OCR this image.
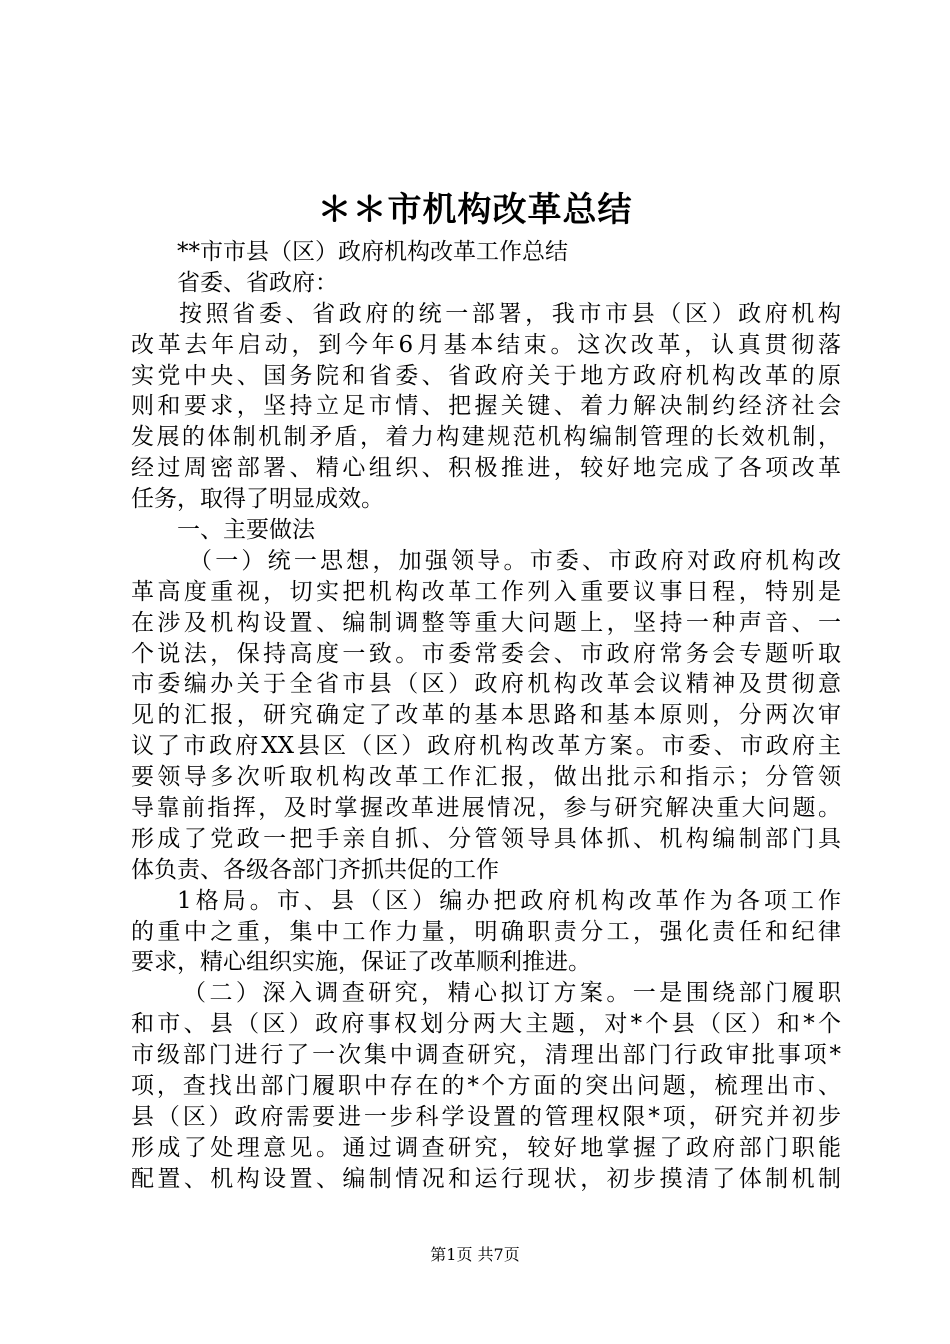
＊＊市机构改革总结
**市市县（区）政府机构改革工作总结
省委、省政府：
按照省委、省政府的统一部署，我市市县（区）政府机构
改革去年启动，到今年6月基本结束。这次改革，认真贯彻落
实党中央、国务院和省委、省政府关于地方政府机构改革的原
则和要求，坚持立足市情、把握关键、着力解决制约经济社会
发展的体制机制矛盾，着力构建规范机构编制管理的长效机制，
经过周密部署、精心组织、积极推进，较好地完成了各项改革
任务，取得了明显成效。
一、主要做法
（一）统一思想，加强领导。市委、市政府对政府机构改
革高度重视，切实把机构改革工作列入重要议事日程，特别是
在涉及机构设置、编制调整等重大问题上，坚持一种声音、一
个说法，保持高度一致。市委常委会、市政府常务会专题听取
市委编办关于全省市县（区）政府机构改革会议精神及贯彻意
见的汇报，研究确定了改革的基本思路和基本原则，分两次审
议了市政府XX县区（区）政府机构改革方案。市委、市政府主
要领导多次听取机构改革工作汇报，做出批示和指示；分管领
导靠前指挥，及时掌握改革进展情况，参与研究解决重大问题。
形成了党政一把手亲自抓、分管领导具体抓、机构编制部门具
体负责、各级各部门齐抓共促的工作
1格局。市、县（区）编办把政府机构改革作为各项工作
的重中之重，集中工作力量，明确职责分工，强化责任和纪律
要求，精心组织实施，保证了改革顺利推进。
（二）深入调查研究，精心拟订方案。一是围绕部门履职
和市、县（区）政府事权划分两大主题，对*个县（区）和*个
市级部门进行了一次集中调查研究，清理出部门行政审批事项*
项，查找出部门履职中存在的*个方面的突出问题，梳理出市、
县（区）政府需要进一步科学设置的管理权限*项，研究并初步
形成了处理意见。通过调查研究，较好地掌握了政府部门职能
配置、机构设置、编制情况和运行现状，初步摸清了体制机制
第1页 共7页
